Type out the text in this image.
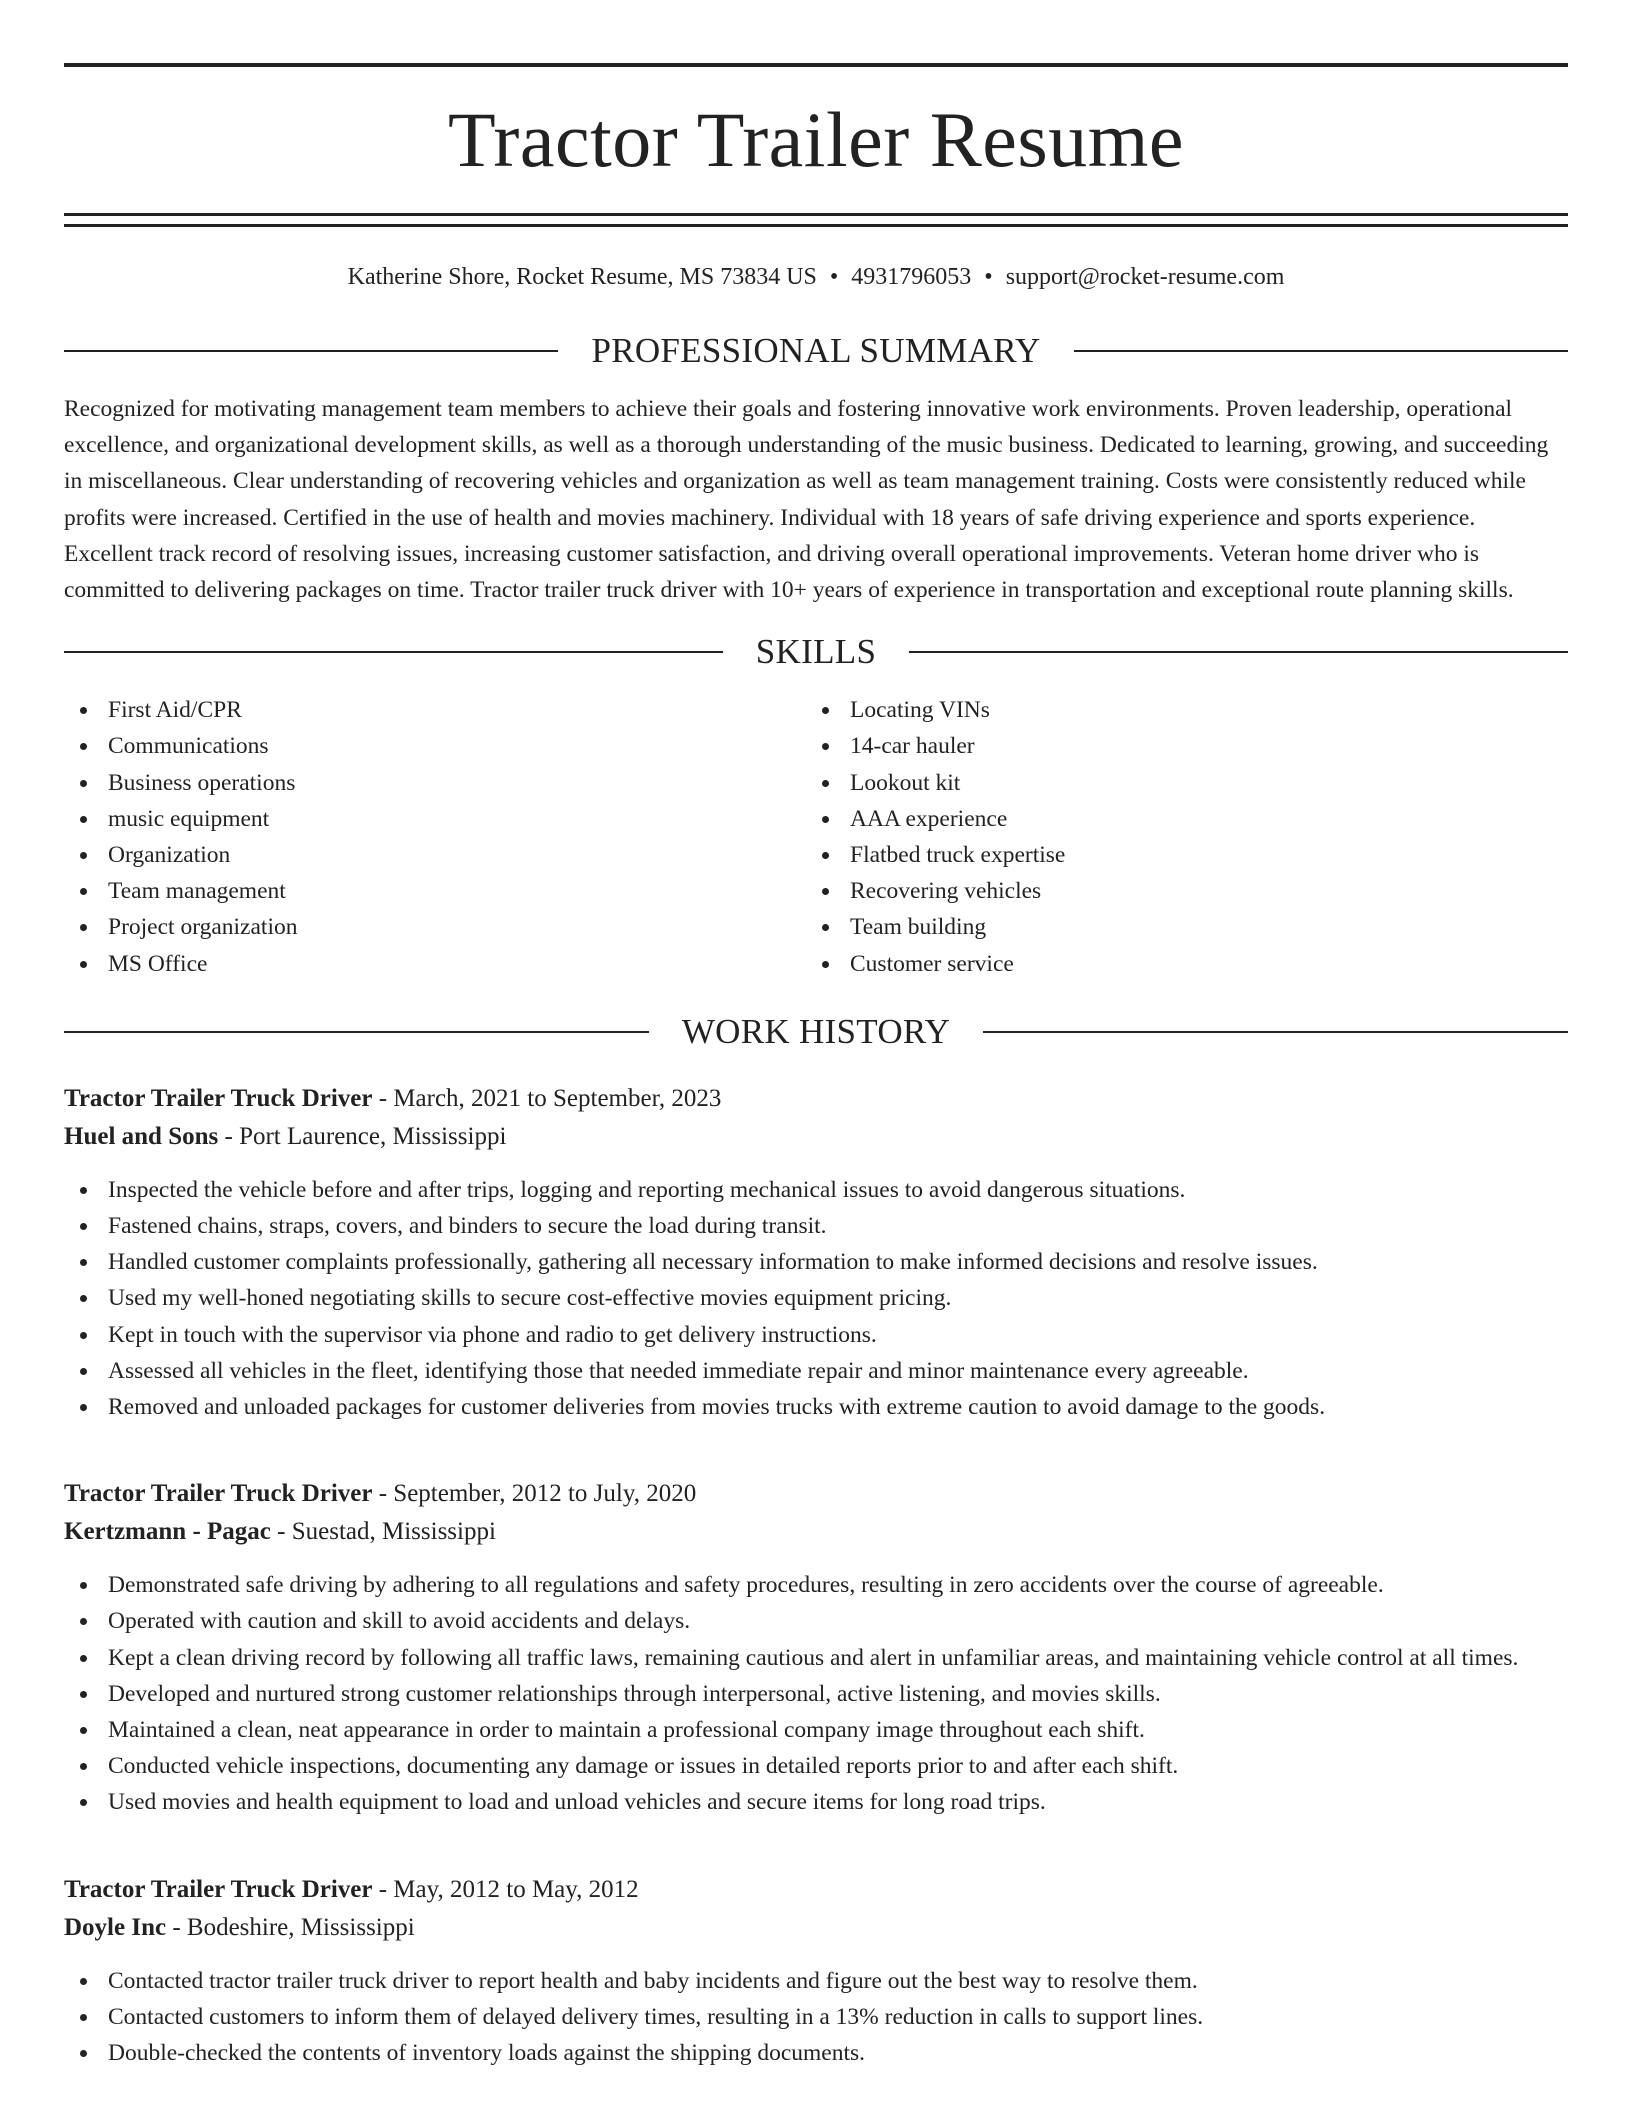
Tractor Trailer Resume
Katherine Shore, Rocket Resume, MS 73834 US • 4931796053 • support@rocket-resume.com
PROFESSIONAL SUMMARY
Recognized for motivating management team members to achieve their goals and fostering innovative work environments. Proven leadership, operational excellence, and organizational development skills, as well as a thorough understanding of the music business. Dedicated to learning, growing, and succeeding in miscellaneous. Clear understanding of recovering vehicles and organization as well as team management training. Costs were consistently reduced while profits were increased. Certified in the use of health and movies machinery. Individual with 18 years of safe driving experience and sports experience. Excellent track record of resolving issues, increasing customer satisfaction, and driving overall operational improvements. Veteran home driver who is committed to delivering packages on time. Tractor trailer truck driver with 10+ years of experience in transportation and exceptional route planning skills.
SKILLS
First Aid/CPR
Communications
Business operations
music equipment
Organization
Team management
Project organization
MS Office
Locating VINs
14-car hauler
Lookout kit
AAA experience
Flatbed truck expertise
Recovering vehicles
Team building
Customer service
WORK HISTORY
Tractor Trailer Truck Driver - March, 2021 to September, 2023
Huel and Sons - Port Laurence, Mississippi
Inspected the vehicle before and after trips, logging and reporting mechanical issues to avoid dangerous situations.
Fastened chains, straps, covers, and binders to secure the load during transit.
Handled customer complaints professionally, gathering all necessary information to make informed decisions and resolve issues.
Used my well-honed negotiating skills to secure cost-effective movies equipment pricing.
Kept in touch with the supervisor via phone and radio to get delivery instructions.
Assessed all vehicles in the fleet, identifying those that needed immediate repair and minor maintenance every agreeable.
Removed and unloaded packages for customer deliveries from movies trucks with extreme caution to avoid damage to the goods.
Tractor Trailer Truck Driver - September, 2012 to July, 2020
Kertzmann - Pagac - Suestad, Mississippi
Demonstrated safe driving by adhering to all regulations and safety procedures, resulting in zero accidents over the course of agreeable.
Operated with caution and skill to avoid accidents and delays.
Kept a clean driving record by following all traffic laws, remaining cautious and alert in unfamiliar areas, and maintaining vehicle control at all times.
Developed and nurtured strong customer relationships through interpersonal, active listening, and movies skills.
Maintained a clean, neat appearance in order to maintain a professional company image throughout each shift.
Conducted vehicle inspections, documenting any damage or issues in detailed reports prior to and after each shift.
Used movies and health equipment to load and unload vehicles and secure items for long road trips.
Tractor Trailer Truck Driver - May, 2012 to May, 2012
Doyle Inc - Bodeshire, Mississippi
Contacted tractor trailer truck driver to report health and baby incidents and figure out the best way to resolve them.
Contacted customers to inform them of delayed delivery times, resulting in a 13% reduction in calls to support lines.
Double-checked the contents of inventory loads against the shipping documents.
